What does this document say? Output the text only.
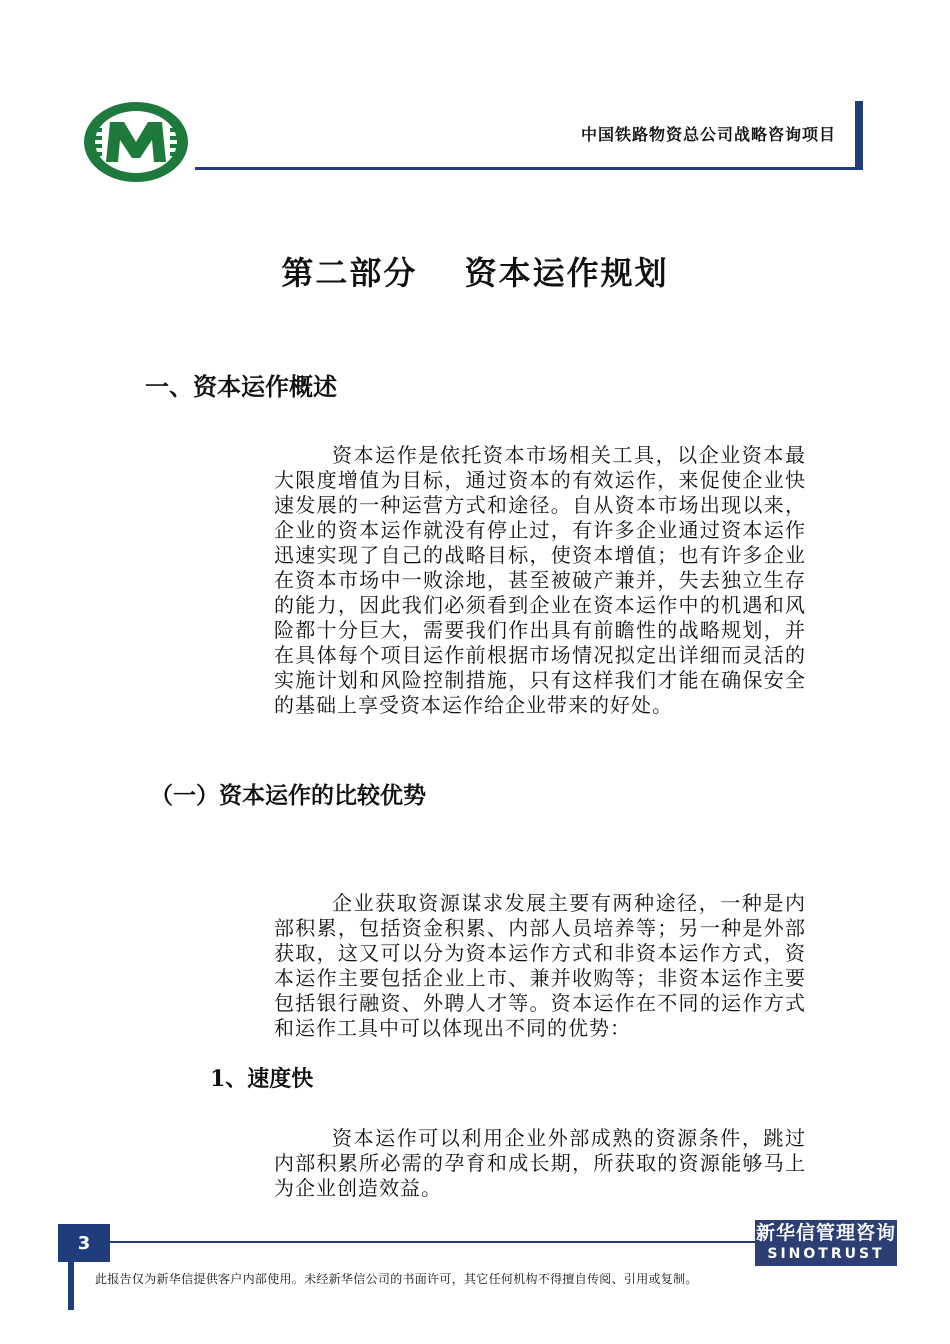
中国铁路物资总公司战略咨询项目
第二部分　 资本运作规划
一、资本运作概述

资本运作是依托资本市场相关工具，以企业资本最大限度增值为目标，通过资本的有效运作，来促使企业快速发展的一种运营方式和途径。自从资本市场出现以来，企业的资本运作就没有停止过，有许多企业通过资本运作迅速实现了自己的战略目标，使资本增值；也有许多企业在资本市场中一败涂地，甚至被破产兼并，失去独立生存的能力，因此我们必须看到企业在资本运作中的机遇和风险都十分巨大，需要我们作出具有前瞻性的战略规划，并在具体每个项目运作前根据市场情况拟定出详细而灵活的实施计划和风险控制措施，只有这样我们才能在确保安全的基础上享受资本运作给企业带来的好处。

（一）资本运作的比较优势

企业获取资源谋求发展主要有两种途径，一种是内部积累，包括资金积累、内部人员培养等；另一种是外部获取，这又可以分为资本运作方式和非资本运作方式，资本运作主要包括企业上市、兼并收购等；非资本运作主要包括银行融资、外聘人才等。资本运作在不同的运作方式和运作工具中可以体现出不同的优势：

1、速度快

资本运作可以利用企业外部成熟的资源条件，跳过内部积累所必需的孕育和成长期，所获取的资源能够马上为企业创造效益。

3	新华信管理咨询
SINOTRUST
此报告仅为新华信提供客户内部使用。未经新华信公司的书面许可，其它任何机构不得擅自传阅、引用或复制。
